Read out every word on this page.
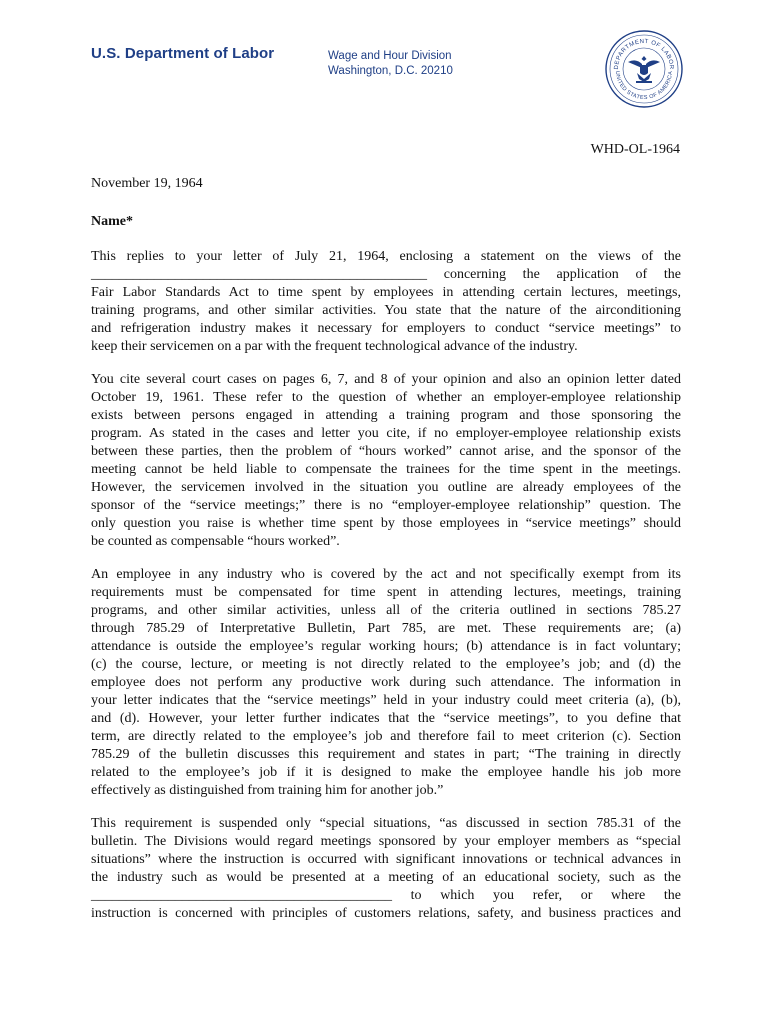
U.S. Department of Labor	Wage and Hour Division
Washington, D.C. 20210	DEPARTMENT OF LABOR
UNITED STATES OF AMERICA
WHD-OL-1964
November 19, 1964
Name*

This replies to your letter of July 21, 1964, enclosing a statement on the views of the
________________________________________________ concerning the application of the
Fair Labor Standards Act to time spent by employees in attending certain lectures, meetings,
training programs, and other similar activities. You state that the nature of the airconditioning
and refrigeration industry makes it necessary for employers to conduct “service meetings” to
keep their servicemen on a par with the frequent technological advance of the industry.

You cite several court cases on pages 6, 7, and 8 of your opinion and also an opinion letter dated
October 19, 1961. These refer to the question of whether an employer-employee relationship
exists between persons engaged in attending a training program and those sponsoring the
program. As stated in the cases and letter you cite, if no employer-employee relationship exists
between these parties, then the problem of “hours worked” cannot arise, and the sponsor of the
meeting cannot be held liable to compensate the trainees for the time spent in the meetings.
However, the servicemen involved in the situation you outline are already employees of the
sponsor of the “service meetings;” there is no “employer-employee relationship” question. The
only question you raise is whether time spent by those employees in “service meetings” should
be counted as compensable “hours worked”.

An employee in any industry who is covered by the act and not specifically exempt from its
requirements must be compensated for time spent in attending lectures, meetings, training
programs, and other similar activities, unless all of the criteria outlined in sections 785.27
through 785.29 of Interpretative Bulletin, Part 785, are met. These requirements are; (a)
attendance is outside the employee’s regular working hours; (b) attendance is in fact voluntary;
(c) the course, lecture, or meeting is not directly related to the employee’s job; and (d) the
employee does not perform any productive work during such attendance. The information in
your letter indicates that the “service meetings” held in your industry could meet criteria (a), (b),
and (d). However, your letter further indicates that the “service meetings”, to you define that
term, are directly related to the employee’s job and therefore fail to meet criterion (c). Section
785.29 of the bulletin discusses this requirement and states in part; “The training in directly
related to the employee’s job if it is designed to make the employee handle his job more
effectively as distinguished from training him for another job.”

This requirement is suspended only “special situations, “as discussed in section 785.31 of the
bulletin. The Divisions would regard meetings sponsored by your employer members as “special
situations” where the instruction is occurred with significant innovations or technical advances in
the industry such as would be presented at a meeting of an educational society, such as the
___________________________________________ to which you refer, or where the
instruction is concerned with principles of customers relations, safety, and business practices and
